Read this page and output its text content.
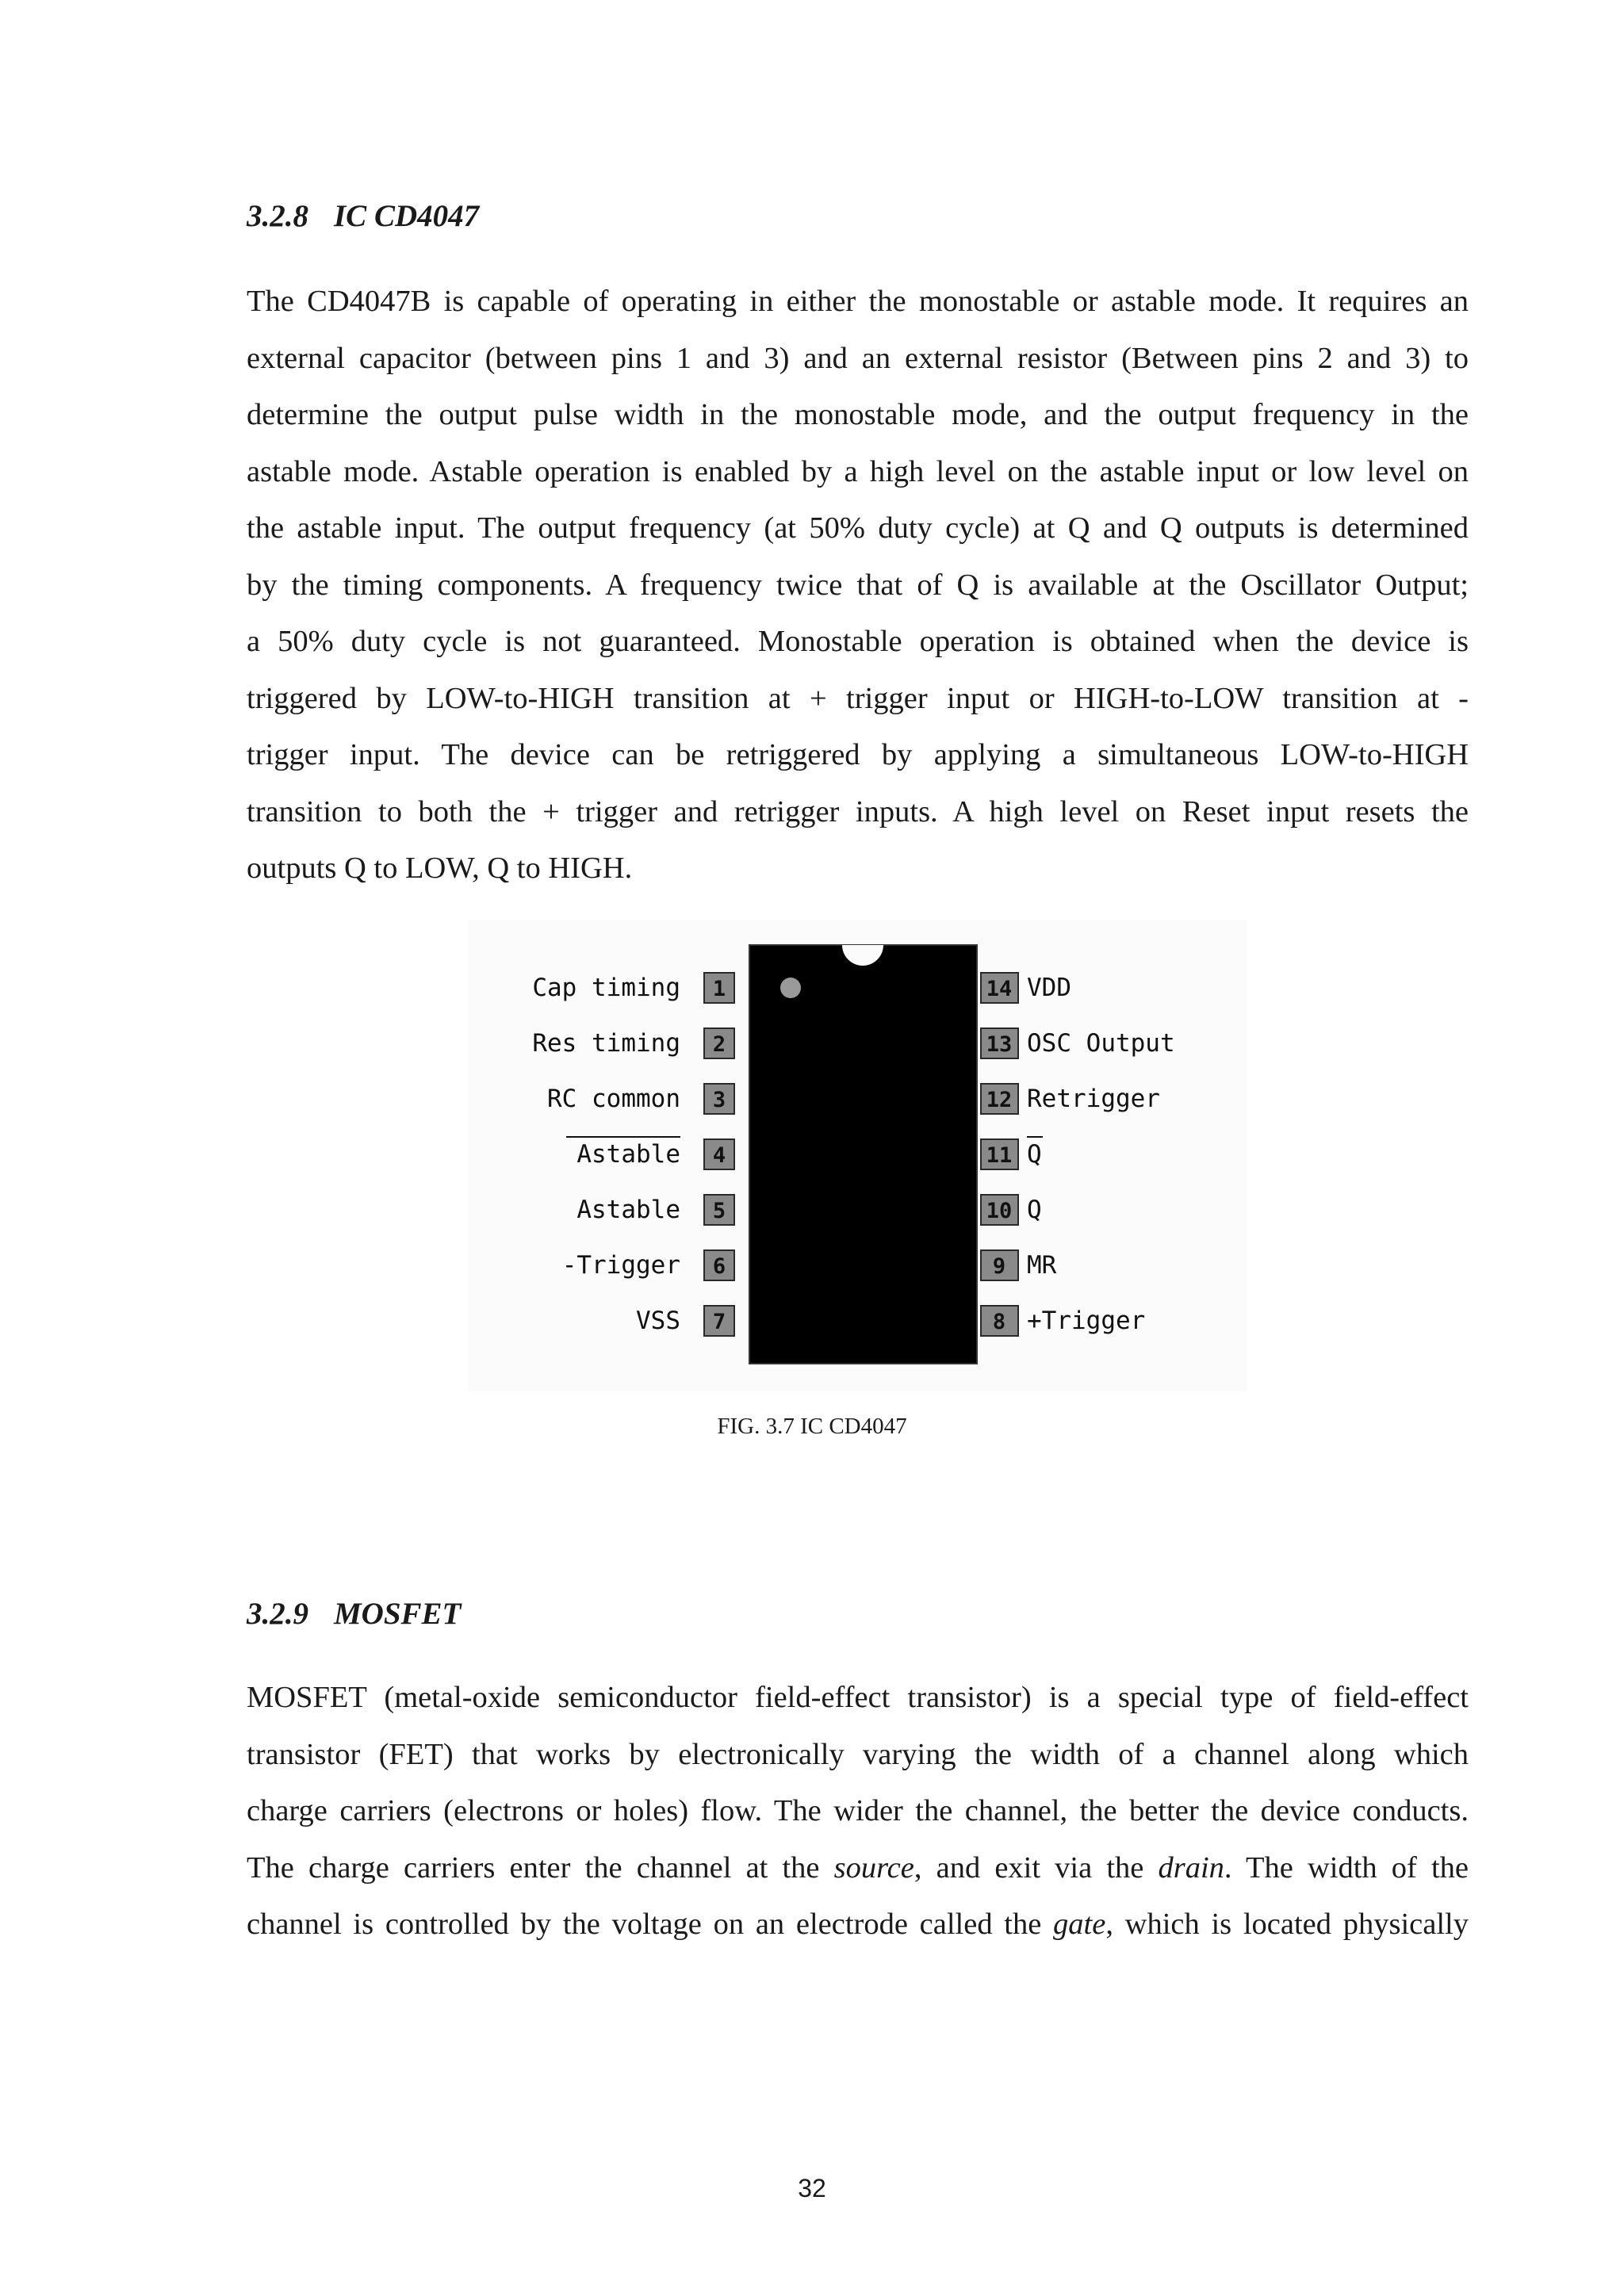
3.2.8 IC CD4047
The CD4047B is capable of operating in either the monostable or astable mode. It requires an
external capacitor (between pins 1 and 3) and an external resistor (Between pins 2 and 3) to
determine the output pulse width in the monostable mode, and the output frequency in the
astable mode. Astable operation is enabled by a high level on the astable input or low level on
the astable input. The output frequency (at 50% duty cycle) at Q and Q outputs is determined
by the timing components. A frequency twice that of Q is available at the Oscillator Output;
a 50% duty cycle is not guaranteed. Monostable operation is obtained when the device is
triggered by LOW-to-HIGH transition at + trigger input or HIGH-to-LOW transition at -
trigger input. The device can be retriggered by applying a simultaneous LOW-to-HIGH
transition to both the + trigger and retrigger inputs. A high level on Reset input resets the
outputs Q to LOW, Q to HIGH.
1
Cap timing
2
Res timing
3
RC common
4
Astable
5
Astable
6
-Trigger
7
VSS
14 VDD
13 OSC Output
12 Retrigger
11 Q
10 Q
9 MR
8 +Trigger
FIG. 3.7 IC CD4047
3.2.9 MOSFET
MOSFET (metal-oxide semiconductor field-effect transistor) is a special type of field-effect
transistor (FET) that works by electronically varying the width of a channel along which
charge carriers (electrons or holes) flow. The wider the channel, the better the device conducts.
The charge carriers enter the channel at the source, and exit via the drain. The width of the
channel is controlled by the voltage on an electrode called the gate, which is located physically
32
